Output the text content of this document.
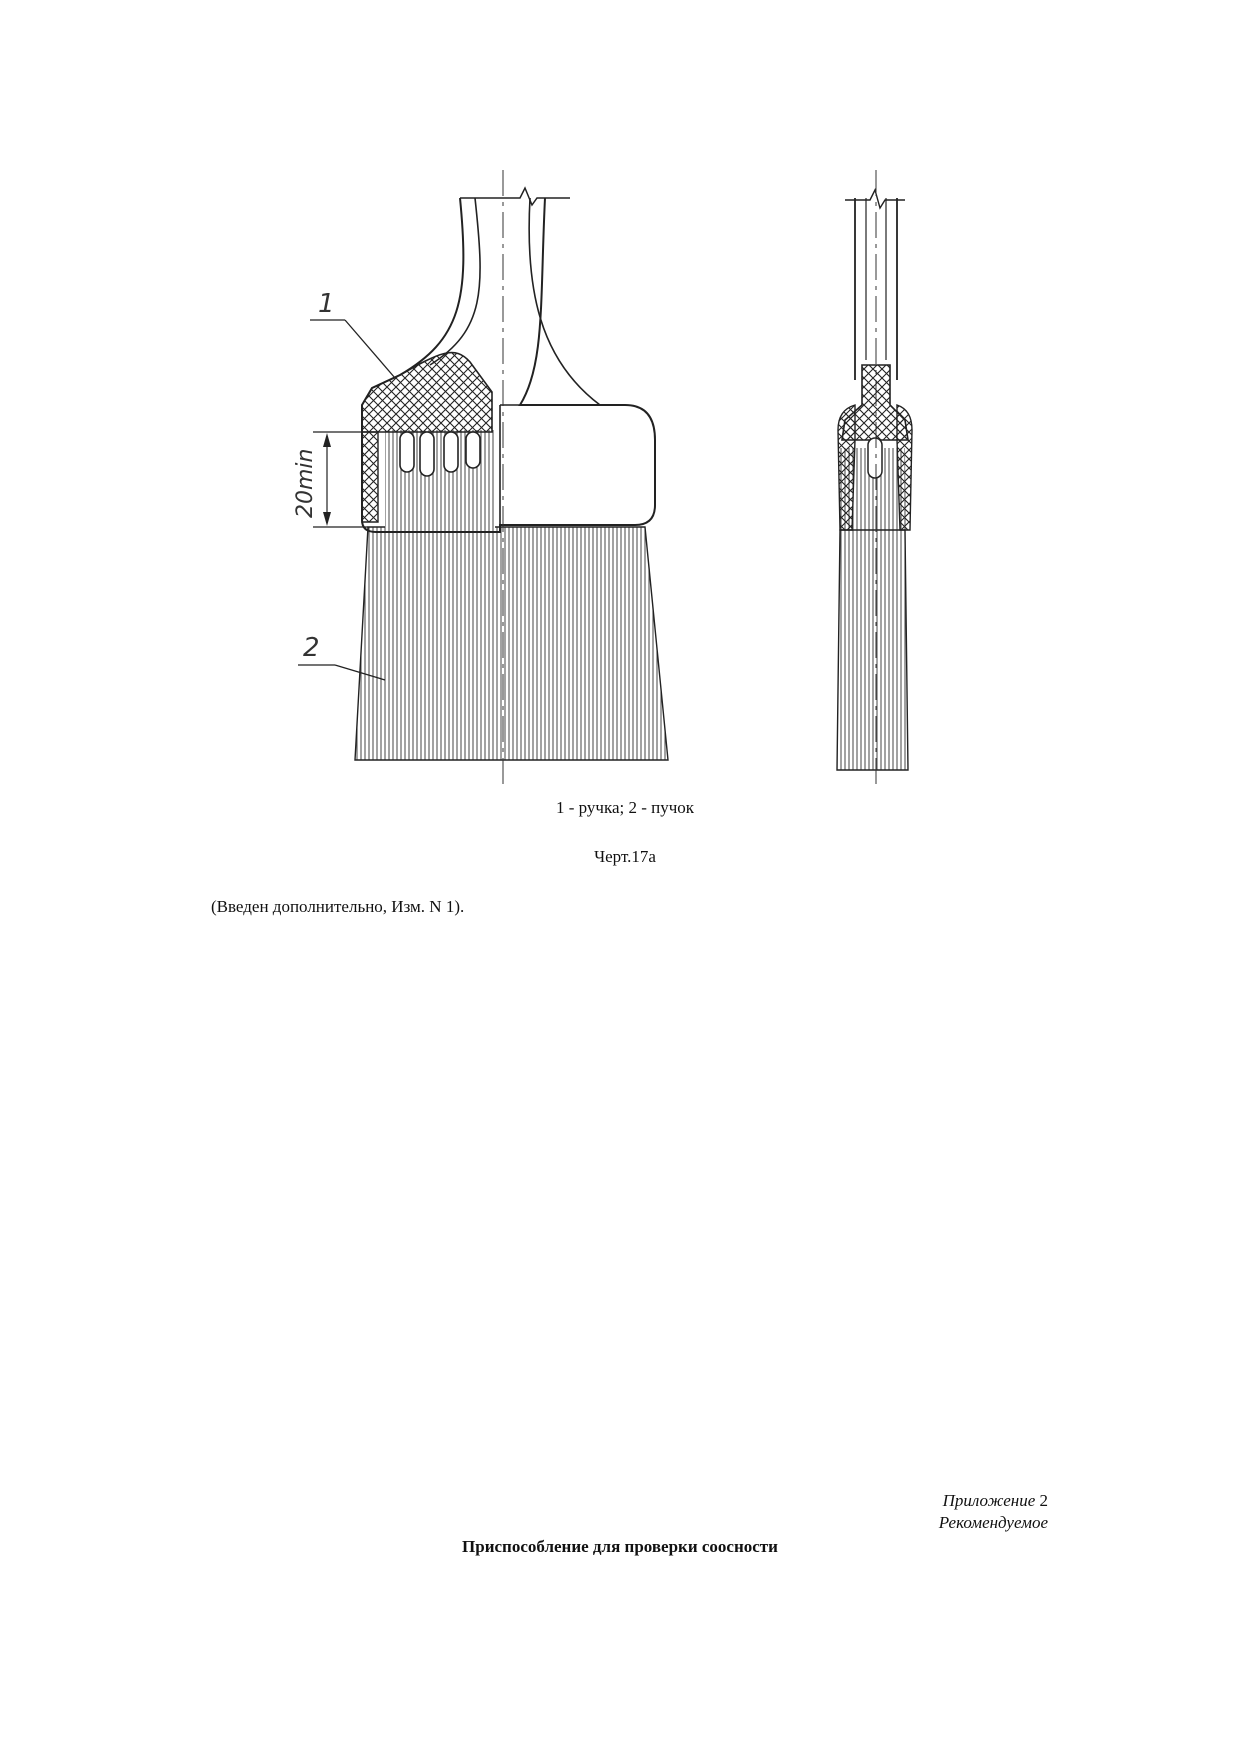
20min
1
2
1 - ручка; 2 - пучок
Черт.17а
(Введен дополнительно, Изм. N 1).
Приложение 2
Рекомендуемое
Приспособление для проверки соосности
